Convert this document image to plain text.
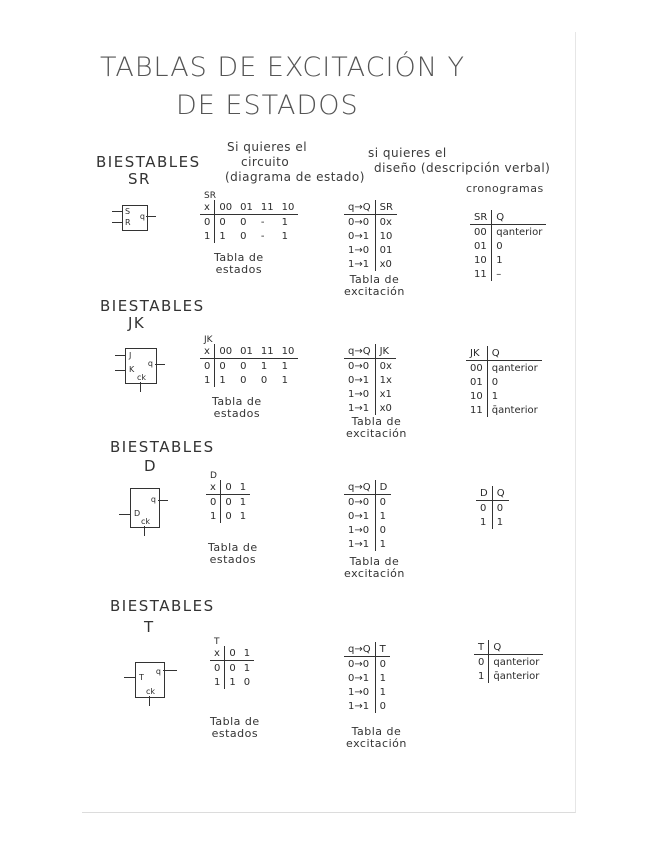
TABLAS DE EXCITACIÓN Y
DE ESTADOS
Si quieres el
circuito
(diagrama de estado)
si quieres el
diseño (descripción verbal)
cronogramas
BIESTABLES
SR
S
R
q
SR
x	00	01	11	10
0	0	0	-	1
1	1	0	-	1
Tabla de
estados
q→Q	SR
0→0	0x
0→1	10
1→0	01
1→1	x0
Tabla de
excitación
SR	Q
00	qanterior
01	0
10	1
11	–
BIESTABLES
JK
J
K
q
ck
JK
x	00	01	11	10
0	0	0	1	1
1	1	0	0	1
Tabla de
estados
q→Q	JK
0→0	0x
0→1	1x
1→0	x1
1→1	x0
Tabla de
excitación
JK	Q
00	qanterior
01	0
10	1
11	q̄anterior
BIESTABLES
D
D
q
ck
D
x	0	1
0	0	1
1	0	1
Tabla de
estados
q→Q	D
0→0	0
0→1	1
1→0	0
1→1	1
Tabla de
excitación
D	Q
0	0
1	1
BIESTABLES
T
T
q
ck
T
x	0	1
0	0	1
1	1	0
Tabla de
estados
q→Q	T
0→0	0
0→1	1
1→0	1
1→1	0
Tabla de
excitación
T	Q
0	qanterior
1	q̄anterior
